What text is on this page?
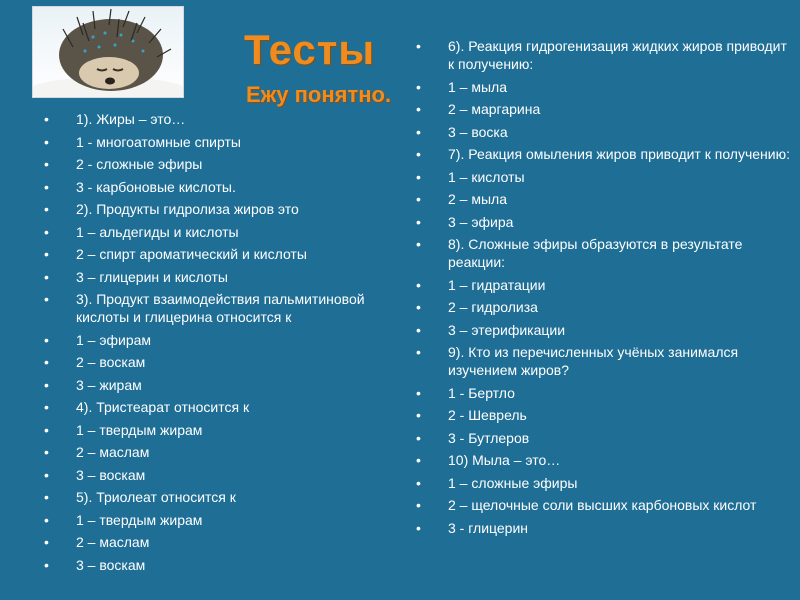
Тесты
Ежу понятно.
• 1). Жиры – это…
• 1 - многоатомные спирты
• 2 - сложные эфиры
• 3 - карбоновые кислоты.
• 2). Продукты гидролиза жиров это
• 1 – альдегиды и кислоты
• 2 – спирт ароматический и кислоты
• 3 – глицерин и кислоты
• 3). Продукт взаимодействия пальмитиновой кислоты и глицерина относится к
• 1 – эфирам
• 2 – воскам
• 3 – жирам
• 4). Тристеарат относится к
• 1 – твердым жирам
• 2 – маслам
• 3 – воскам
• 5). Триолеат относится к
• 1 – твердым жирам
• 2 – маслам
• 3 – воскам
• 6). Реакция гидрогенизация жидких жиров приводит к получению:
• 1 – мыла
• 2 – маргарина
• 3 – воска
• 7). Реакция омыления жиров приводит к получению:
• 1 – кислоты
• 2 – мыла
• 3 – эфира
• 8). Сложные эфиры образуются в результате реакции:
• 1 – гидратации
• 2 – гидролиза
• 3 – этерификации
• 9). Кто из перечисленных учёных занимался изучением жиров?
• 1 - Бертло
• 2 - Шеврель
• 3 - Бутлеров
• 10) Мыла – это…
• 1 – сложные эфиры
• 2 – щелочные соли высших карбоновых кислот
• 3 - глицерин
